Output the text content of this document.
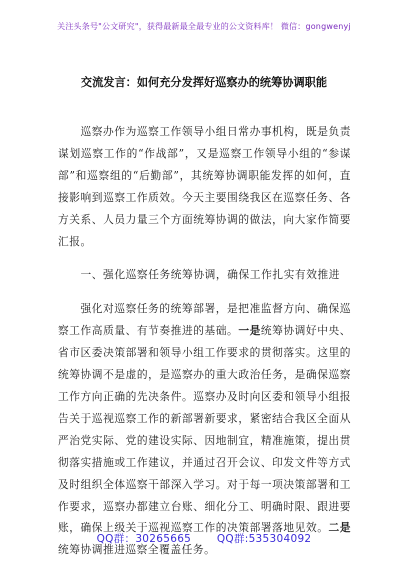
关注头条号"公文研究"，获得最新最全最专业的公文资料库！ 微信：gongwenyj
交流发言：如何充分发挥好巡察办的统筹协调职能

巡察办作为巡察工作领导小组日常办事机构，既是负责谋划巡察工作的“作战部”，又是巡察工作领导小组的“参谋部”和巡察组的“后勤部”，其统筹协调职能发挥的如何，直接影响到巡察工作质效。今天主要围绕我区在巡察任务、各方关系、人员力量三个方面统筹协调的做法，向大家作简要汇报。

一、强化巡察任务统筹协调，确保工作扎实有效推进

强化对巡察任务的统筹部署，是把准监督方向、确保巡察工作高质量、有节奏推进的基础。一是统筹协调好中央、省市区委决策部署和领导小组工作要求的贯彻落实。这里的统筹协调不是虚的，是巡察办的重大政治任务，是确保巡察工作方向正确的先决条件。巡察办及时向区委和领导小组报告关于巡视巡察工作的新部署新要求，紧密结合我区全面从严治党实际、党的建设实际、因地制宜，精准施策，提出贯彻落实措施或工作建议，并通过召开会议、印发文件等方式及时组织全体巡察干部深入学习。对于每一项决策部署和工作要求，巡察办都建立台账、细化分工、明确时限、跟进要账，确保上级关于巡视巡察工作的决策部署落地见效。二是统筹协调推进巡察全覆盖任务。

QQ群：30265665 QQ群:535304092
